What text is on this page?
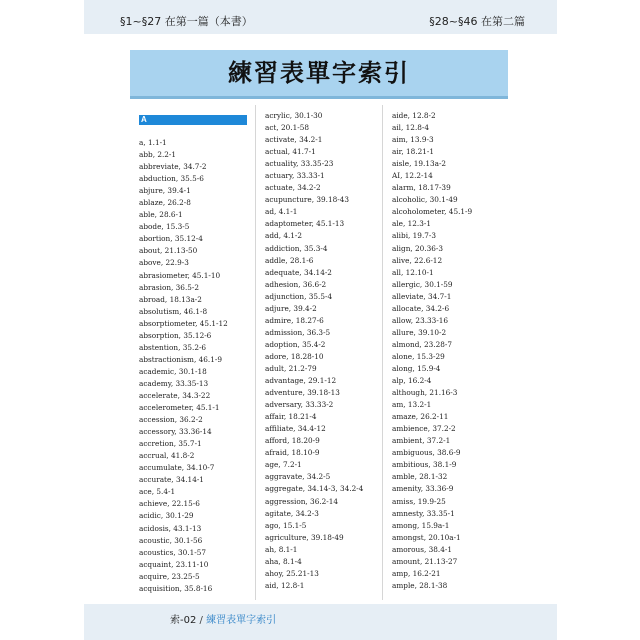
§1~§27 在第一篇（本書）	§28~§46 在第二篇
練習表單字索引
A
a, 1.1-1
abb, 2.2-1
abbreviate, 34.7-2
abduction, 35.5-6
abjure, 39.4-1
ablaze, 26.2-8
able, 28.6-1
abode, 15.3-5
abortion, 35.12-4
about, 21.13-50
above, 22.9-3
abrasiometer, 45.1-10
abrasion, 36.5-2
abroad, 18.13a-2
absolutism, 46.1-8
absorptiometer, 45.1-12
absorption, 35.12-6
abstention, 35.2-6
abstractionism, 46.1-9
academic, 30.1-18
academy, 33.35-13
accelerate, 34.3-22
accelerometer, 45.1-1
accession, 36.2-2
accessory, 33.36-14
accretion, 35.7-1
accrual, 41.8-2
accumulate, 34.10-7
accurate, 34.14-1
ace, 5.4-1
achieve, 22.15-6
acidic, 30.1-29
acidosis, 43.1-13
acoustic, 30.1-56
acoustics, 30.1-57
acquaint, 23.11-10
acquire, 23.25-5
acquisition, 35.8-16
acrylic, 30.1-30
act, 20.1-58
activate, 34.2-1
actual, 41.7-1
actuality, 33.35-23
actuary, 33.33-1
actuate, 34.2-2
acupuncture, 39.18-43
ad, 4.1-1
adaptometer, 45.1-13
add, 4.1-2
addiction, 35.3-4
addle, 28.1-6
adequate, 34.14-2
adhesion, 36.6-2
adjunction, 35.5-4
adjure, 39.4-2
admire, 18.27-6
admission, 36.3-5
adoption, 35.4-2
adore, 18.28-10
adult, 21.2-79
advantage, 29.1-12
adventure, 39.18-13
adversary, 33.33-2
affair, 18.21-4
affiliate, 34.4-12
afford, 18.20-9
afraid, 18.10-9
age, 7.2-1
aggravate, 34.2-5
aggregate, 34.14-3, 34.2-4
aggression, 36.2-14
agitate, 34.2-3
ago, 15.1-5
agriculture, 39.18-49
ah, 8.1-1
aha, 8.1-4
ahoy, 25.21-13
aid, 12.8-1
aide, 12.8-2
ail, 12.8-4
aim, 13.9-3
air, 18.21-1
aisle, 19.13a-2
AI, 12.2-14
alarm, 18.17-39
alcoholic, 30.1-49
alcoholometer, 45.1-9
ale, 12.3-1
alibi, 19.7-3
align, 20.36-3
alive, 22.6-12
all, 12.10-1
allergic, 30.1-59
alleviate, 34.7-1
allocate, 34.2-6
allow, 23.33-16
allure, 39.10-2
almond, 23.28-7
alone, 15.3-29
along, 15.9-4
alp, 16.2-4
although, 21.16-3
am, 13.2-1
amaze, 26.2-11
ambience, 37.2-2
ambient, 37.2-1
ambiguous, 38.6-9
ambitious, 38.1-9
amble, 28.1-32
amenity, 33.36-9
amiss, 19.9-25
amnesty, 33.35-1
among, 15.9a-1
amongst, 20.10a-1
amorous, 38.4-1
amount, 21.13-27
amp, 16.2-21
ample, 28.1-38
索-02 / 練習表單字索引
